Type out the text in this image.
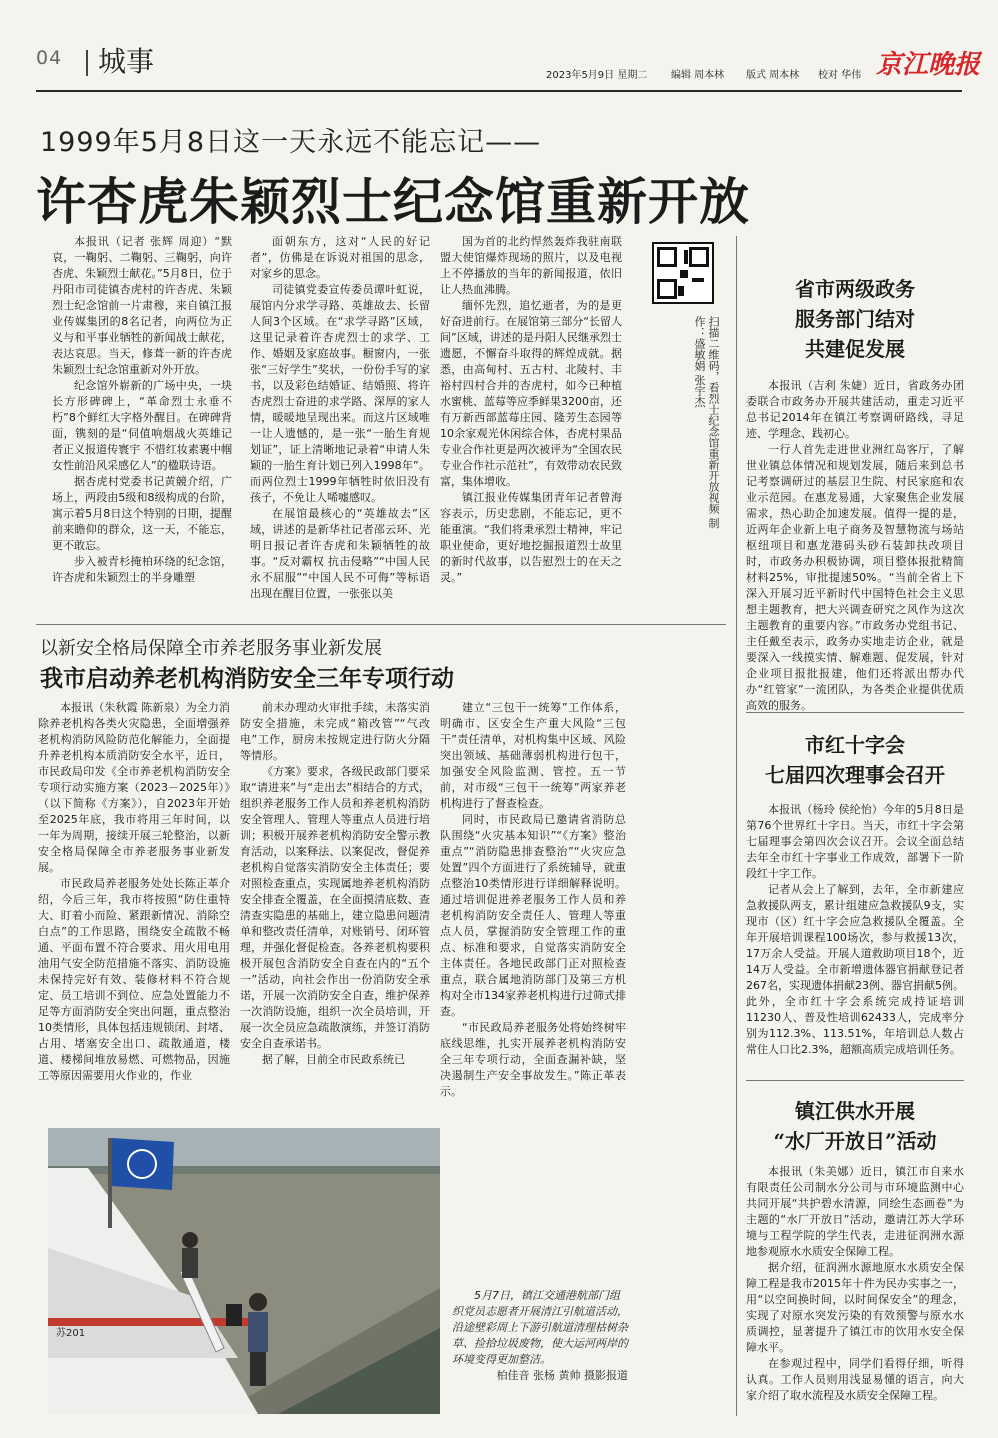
04 城事	2023年5月9日 星期二 编辑 周本林 版式 周本林 校对 华伟 京江晚报
1999年5月8日这一天永远不能忘记——
许杏虎朱颖烈士纪念馆重新开放

本报讯（记者 张辉 周迎）“默哀，一鞠躬、二鞠躬、三鞠躬，向许杏虎、朱颖烈士献花。”5月8日，位于丹阳市司徒镇杏虎村的许杏虎、朱颖烈士纪念馆前一片肃穆，来自镇江报业传媒集团的8名记者，向两位为正义与和平事业牺牲的新闻战士献花，表达哀思。当天，修葺一新的许杏虎朱颖烈士纪念馆重新对外开放。

纪念馆外崭新的广场中央，一块长方形碑碑上，“革命烈士永垂不朽”8个鲜红大字格外醒目。在碑碑背面，镌刻的是“伺值响烟战火英雄记者正义报道传寰宇 不惜红妆素裹中帼女性前沿风采感亿人”的楹联诗语。

据杏虎村党委书记黄競介绍，广场上，两段由5级和8级构成的台阶，寓示着5月8日这个特别的日期，提醒前来瞻仰的群众，这一天，不能忘，更不敢忘。

步入被青杉掩柏环绕的纪念馆，许杏虎和朱颖烈士的半身雕塑

面朝东方，这对“人民的好记者”，仿佛是在诉说对祖国的思念，对家乡的思念。

司徒镇党委宣传委员谭叶虹说，展馆内分求学寻路、英雄故去、长留人间3个区域。在“求学寻路”区域，这里记录着许杏虎烈士的求学、工作、婚姻及家庭故事。橱窗内，一张张“三好学生”奖状，一份份手写的家书，以及彩色结婚证、结婚照、将许杏虎烈士奋进的求学路、深厚的家人情，暖暖地呈现出来。而这片区域唯一让人遗憾的，是一张“一胎生育规划证”，证上清晰地记录着“申请人朱颖的一胎生育计划已列入1998年”。而两位烈士1999年牺牲时依旧没有孩子，不免让人唏嘘感叹。

在展馆最核心的“英雄故去”区域，讲述的是新华社记者邵云环、光明日报记者许杏虎和朱颖牺牲的故事。“反对霸权 抗击侵略”“中国人民永不屈服”“中国人民不可侮”等标语出现在醒目位置，一张张以美

国为首的北约悍然轰炸我驻南联盟大使馆爆炸现场的照片，以及电视上不停播放的当年的新闻报道，依旧让人热血沸腾。

缅怀先烈，追忆逝者，为的是更好奋进前行。在展馆第三部分“长留人间”区域，讲述的是丹阳人民继承烈士遗愿，不懈奋斗取得的辉煌成就。据悉，由高甸村、五古村、北陵村、丰裕村四村合并的杏虎村，如今已种植水蜜桃、蓝莓等应季鲜果3200亩，还有万新西部蓝莓庄园、隆芳生态园等10余家观光休闲综合体，杏虎村果品专业合作社更是两次被评为“全国农民专业合作社示范社”，有效带动农民致富，集体增收。

镇江报业传媒集团青年记者曾海容表示，历史悲剧，不能忘记，更不能重演。“我们将秉承烈士精神，牢记职业使命，更好地挖掘报道烈士故里的新时代故事，以告慰烈士的在天之灵。”

扫描二维码，看烈士纪念馆重新开放视频 制作：盛敏娟 张宇杰
省市两级政务
服务部门结对
共建促发展

本报讯（吉利 朱婕）近日，省政务办团委联合市政务办开展共建活动，重走习近平总书记2014年在镇江考察调研路线，寻足迹、学理念、践初心。

一行人首先走进世业洲红岛客厅，了解世业镇总体情况和规划发展，随后来到总书记考察调研过的基层卫生院、村民家庭和农业示范园。在惠龙易通，大家聚焦企业发展需求，热心助企加速发展。值得一提的是，近两年企业新上电子商务及智慧物流与场站枢纽项目和惠龙港码头砂石装卸扶改项目时，市政务办积极协调，项目整体报批精简材料25%，审批提速50%。“当前全省上下深入开展习近平新时代中国特色社会主义思想主题教育，把大兴调查研究之风作为这次主题教育的重要内容。”市政务办党组书记、主任戴至表示，政务办实地走访企业，就是要深入一线摸实情、解难题、促发展，针对企业项目报批报建，他们还将派出帮办代办“红管家”一流团队，为各类企业提供优质高效的服务。

市红十字会
七届四次理事会召开

本报讯（杨玲 侯纶怡）今年的5月8日是第76个世界红十字日。当天，市红十字会第七届理事会第四次会议召开。会议全面总结去年全市红十字事业工作成效，部署下一阶段红十字工作。

记者从会上了解到，去年，全市新建应急救援队两支，累计组建应急救援队9支，实现市（区）红十字会应急救援队全覆盖。全年开展培训课程100场次，参与救援13次，17万余人受益。开展人道救助项目18个，近14万人受益。全市新增遗体器官捐献登记者267名，实现遗体捐献23例、器官捐献5例。此外，全市红十字会系统完成持证培训11230人、普及性培训62433人，完成率分别为112.3%、113.51%，年培训总人数占常住人口比2.3%，超额高质完成培训任务。

镇江供水开展
“水厂开放日”活动

本报讯（朱美娜）近日，镇江市自来水有限责任公司制水分公司与市环境监测中心共同开展“共护碧水清源，同绘生态画卷”为主题的“水厂开放日”活动，邀请江苏大学环境与工程学院的学生代表，走进征润洲水源地参观原水水质安全保障工程。

据介绍，征润洲水源地原水水质安全保障工程是我市2015年十件为民办实事之一，用“以空间换时间，以时间保安全”的理念，实现了对原水突发污染的有效预警与原水水质调控，显著提升了镇江市的饮用水安全保障水平。

在参观过程中，同学们看得仔细，听得认真。工作人员则用浅显易懂的语言，向大家介绍了取水流程及水质安全保障工程。

以新安全格局保障全市养老服务事业新发展
我市启动养老机构消防安全三年专项行动

本报讯（朱秋霞 陈新泉）为全力消除养老机构各类火灾隐患，全面增强养老机构消防风险防范化解能力，全面提升养老机构本质消防安全水平，近日，市民政局印发《全市养老机构消防安全专项行动实施方案（2023－2025年）》（以下简称《方案》），自2023年开始至2025年底，我市将用三年时间，以一年为周期，接续开展三轮整治，以新安全格局保障全市养老服务事业新发展。

市民政局养老服务处处长陈正革介绍，今后三年，我市将按照“防住重特大、盯着小而险、紧跟新情况、消除空白点”的工作思路，围绕安全疏散不畅通、平面布置不符合要求、用火用电用油用气安全防范措施不落实、消防设施未保持完好有效、装修材料不符合规定、员工培训不到位、应急处置能力不足等方面消防安全突出问题，重点整治10类情形，具体包括违规锁闭、封堵、占用、堵塞安全出口、疏散通道，楼道、楼梯间堆放易燃、可燃物品，因施工等原因需要用火作业的，作业

前未办理动火审批手续，未落实消防安全措施，未完成“箱改管”“气改电”工作，厨房未按规定进行防火分隔等情形。

《方案》要求，各级民政部门要采取“请进来”与“走出去”相结合的方式，组织养老服务工作人员和养老机构消防安全管理人、管理人等重点人员进行培训；积极开展养老机构消防安全警示教育活动，以案释法、以案促改，督促养老机构自觉落实消防安全主体责任；要对照检查重点，实现属地养老机构消防安全排查全覆盖，在全面摸清底数、查清查实隐患的基础上，建立隐患问题清单和整改责任清单，对账销号、闭环管理，并强化督促检查。各养老机构要积极开展包含消防安全自查在内的“五个一”活动，向社会作出一份消防安全承诺，开展一次消防安全自查，维护保养一次消防设施，组织一次全员培训，开展一次全员应急疏散演练，并签订消防安全自查承诺书。

据了解，目前全市民政系统已

建立“三包干一统筹”工作体系，明确市、区安全生产重大风险“三包干”责任清单，对机构集中区域、风险突出领域、基础薄弱机构进行包干，加强安全风险监测、管控。五一节前，对市级“三包干一统筹”两家养老机构进行了督查检查。

同时，市民政局已邀请省消防总队围绕“火灾基本知识”“《方案》整治重点”“消防隐患排查整治”“火灾应急处置”四个方面进行了系统辅导，就重点整治10类情形进行详细解释说明。通过培训促进养老服务工作人员和养老机构消防安全责任人、管理人等重点人员，掌握消防安全管理工作的重点、标准和要求，自觉落实消防安全主体责任。各地民政部门正对照检查重点，联合属地消防部门及第三方机构对全市134家养老机构进行过筛式排查。

“市民政局养老服务处将始终树牢底线思维，扎实开展养老机构消防安全三年专项行动，全面查漏补缺，坚决遏制生产安全事故发生。”陈正革表示。

苏201
5月7日，镇江交通港航部门组织党员志愿者开展清江引航道活动，沿途壁彩周上下游引航道清理枯树杂草、捡拾垃圾废物，使大运河两岸的环境变得更加整洁。
柏佳音 张杨 黄帅 摄影报道
